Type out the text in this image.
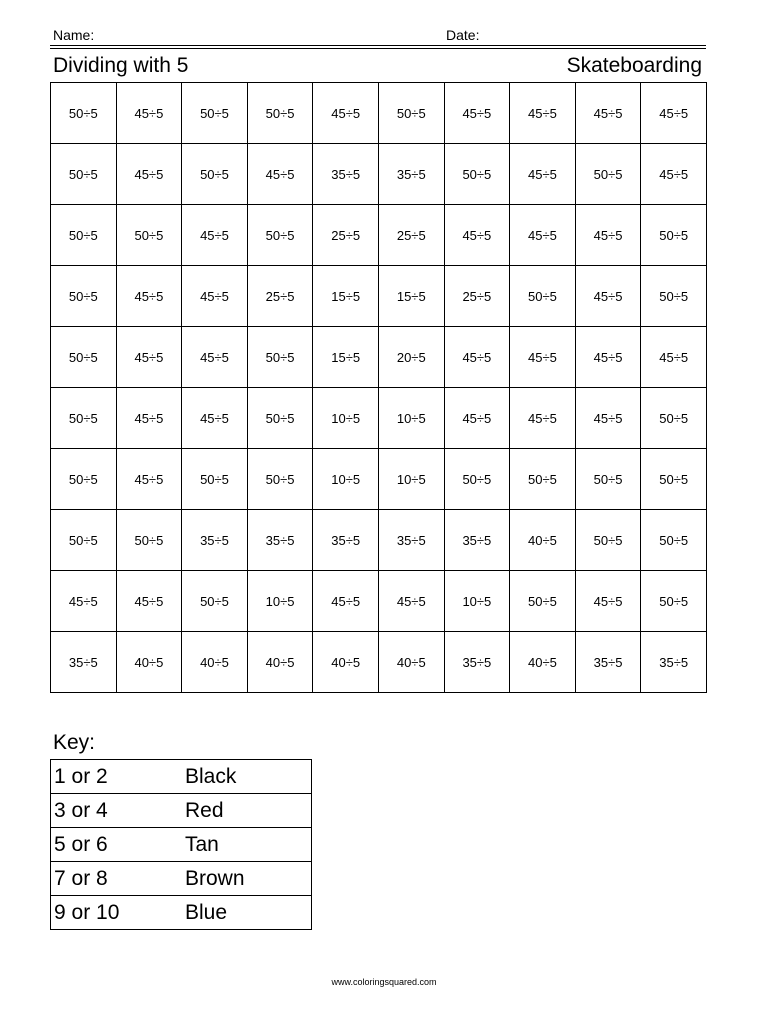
Name:	Date:
Dividing with 5	Skateboarding
50÷5	45÷5	50÷5	50÷5	45÷5	50÷5	45÷5	45÷5	45÷5	45÷5
50÷5	45÷5	50÷5	45÷5	35÷5	35÷5	50÷5	45÷5	50÷5	45÷5
50÷5	50÷5	45÷5	50÷5	25÷5	25÷5	45÷5	45÷5	45÷5	50÷5
50÷5	45÷5	45÷5	25÷5	15÷5	15÷5	25÷5	50÷5	45÷5	50÷5
50÷5	45÷5	45÷5	50÷5	15÷5	20÷5	45÷5	45÷5	45÷5	45÷5
50÷5	45÷5	45÷5	50÷5	10÷5	10÷5	45÷5	45÷5	45÷5	50÷5
50÷5	45÷5	50÷5	50÷5	10÷5	10÷5	50÷5	50÷5	50÷5	50÷5
50÷5	50÷5	35÷5	35÷5	35÷5	35÷5	35÷5	40÷5	50÷5	50÷5
45÷5	45÷5	50÷5	10÷5	45÷5	45÷5	10÷5	50÷5	45÷5	50÷5
35÷5	40÷5	40÷5	40÷5	40÷5	40÷5	35÷5	40÷5	35÷5	35÷5
Key:
1 or 2	Black
3 or 4	Red
5 or 6	Tan
7 or 8	Brown
9 or 10	Blue
www.coloringsquared.com
